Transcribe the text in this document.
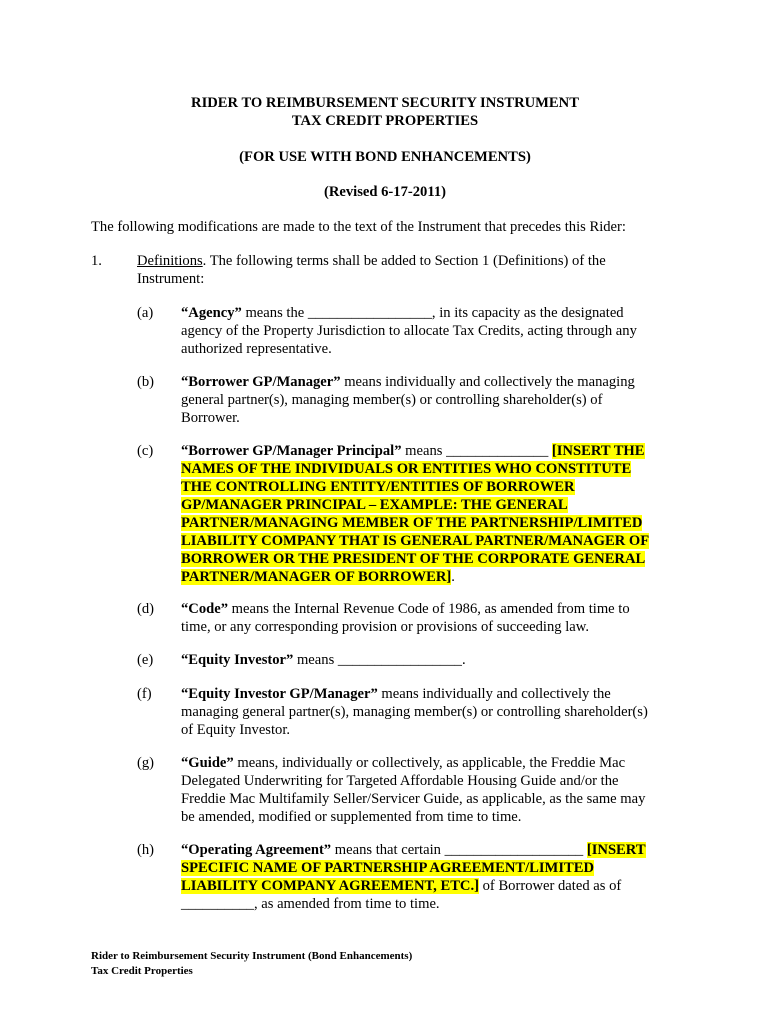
RIDER TO REIMBURSEMENT SECURITY INSTRUMENT
TAX CREDIT PROPERTIES
(FOR USE WITH BOND ENHANCEMENTS)
(Revised 6-17-2011)
The following modifications are made to the text of the Instrument that precedes this Rider:
1. Definitions. The following terms shall be added to Section 1 (Definitions) of the
Instrument:
(a) “Agency” means the _________________, in its capacity as the designated
agency of the Property Jurisdiction to allocate Tax Credits, acting through any
authorized representative.
(b) “Borrower GP/Manager” means individually and collectively the managing
general partner(s), managing member(s) or controlling shareholder(s) of
Borrower.
(c) “Borrower GP/Manager Principal” means ______________ [INSERT THE
NAMES OF THE INDIVIDUALS OR ENTITIES WHO CONSTITUTE
THE CONTROLLING ENTITY/ENTITIES OF BORROWER
GP/MANAGER PRINCIPAL – EXAMPLE: THE GENERAL
PARTNER/MANAGING MEMBER OF THE PARTNERSHIP/LIMITED
LIABILITY COMPANY THAT IS GENERAL PARTNER/MANAGER OF
BORROWER OR THE PRESIDENT OF THE CORPORATE GENERAL
PARTNER/MANAGER OF BORROWER].
(d) “Code” means the Internal Revenue Code of 1986, as amended from time to
time, or any corresponding provision or provisions of succeeding law.
(e) “Equity Investor” means _________________.
(f) “Equity Investor GP/Manager” means individually and collectively the
managing general partner(s), managing member(s) or controlling shareholder(s)
of Equity Investor.
(g) “Guide” means, individually or collectively, as applicable, the Freddie Mac
Delegated Underwriting for Targeted Affordable Housing Guide and/or the
Freddie Mac Multifamily Seller/Servicer Guide, as applicable, as the same may
be amended, modified or supplemented from time to time.
(h) “Operating Agreement” means that certain ___________________ [INSERT
SPECIFIC NAME OF PARTNERSHIP AGREEMENT/LIMITED
LIABILITY COMPANY AGREEMENT, ETC.] of Borrower dated as of
__________, as amended from time to time.
Rider to Reimbursement Security Instrument (Bond Enhancements)
Tax Credit Properties
